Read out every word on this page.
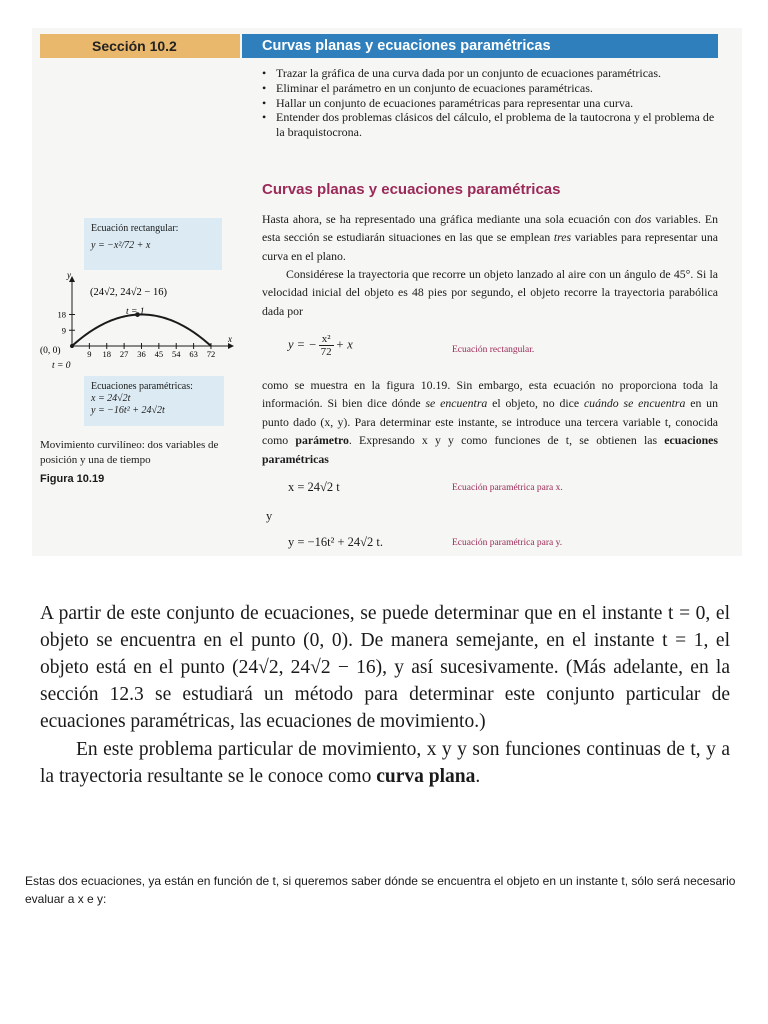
Sección 10.2	Curvas planas y ecuaciones paramétricas
• Trazar la gráfica de una curva dada por un conjunto de ecuaciones paramétricas.
• Eliminar el parámetro en un conjunto de ecuaciones paramétricas.
• Hallar un conjunto de ecuaciones paramétricas para representar una curva.
• Entender dos problemas clásicos del cálculo, el problema de la tautocrona y el problema de la braquistocrona.
Curvas planas y ecuaciones paramétricas

Hasta ahora, se ha representado una gráfica mediante una sola ecuación con dos variables. En esta sección se estudiarán situaciones en las que se emplean tres variables para representar una curva en el plano.

Considérese la trayectoria que recorre un objeto lanzado al aire con un ángulo de 45°. Si la velocidad inicial del objeto es 48 pies por segundo, el objeto recorre la trayectoria parabólica dada por

y = − $\frac{\text{x²}}{72} + x$	Ecuación rectangular.

como se muestra en la figura 10.19. Sin embargo, esta ecuación no proporciona toda la información. Si bien dice dónde se encuentra el objeto, no dice cuándo se encuentra en un punto dado (x, y). Para determinar este instante, se introduce una tercera variable t, conocida como parámetro. Expresando x y y como funciones de t, se obtienen las ecuaciones paramétricas

x = 24√2 t	Ecuación paramétrica para x.
y
y = −16t² + 24√2 t.	Ecuación paramétrica para y.
Ecuación rectangular:
y = −x²/72 + x
y
x
9 18 27 36 45 54 63 72
18
9
(24√2, 24√2 − 16)
t = 1
(0, 0)
t = 0
Ecuaciones paramétricas:
x = 24√2t
y = −16t² + 24√2t

Movimiento curvilíneo: dos variables de posición y una de tiempo

Figura 10.19

A partir de este conjunto de ecuaciones, se puede determinar que en el instante t = 0, el objeto se encuentra en el punto (0, 0). De manera semejante, en el instante t = 1, el objeto está en el punto (24√2, 24√2 − 16), y así sucesivamente. (Más adelante, en la sección 12.3 se estudiará un método para determinar este conjunto particular de ecuaciones paramétricas, las ecuaciones de movimiento.)

En este problema particular de movimiento, x y y son funciones continuas de t, y a la trayectoria resultante se le conoce como curva plana.

Estas dos ecuaciones, ya están en función de t, si queremos saber dónde se encuentra el objeto en un instante t, sólo será necesario evaluar a x e y:
